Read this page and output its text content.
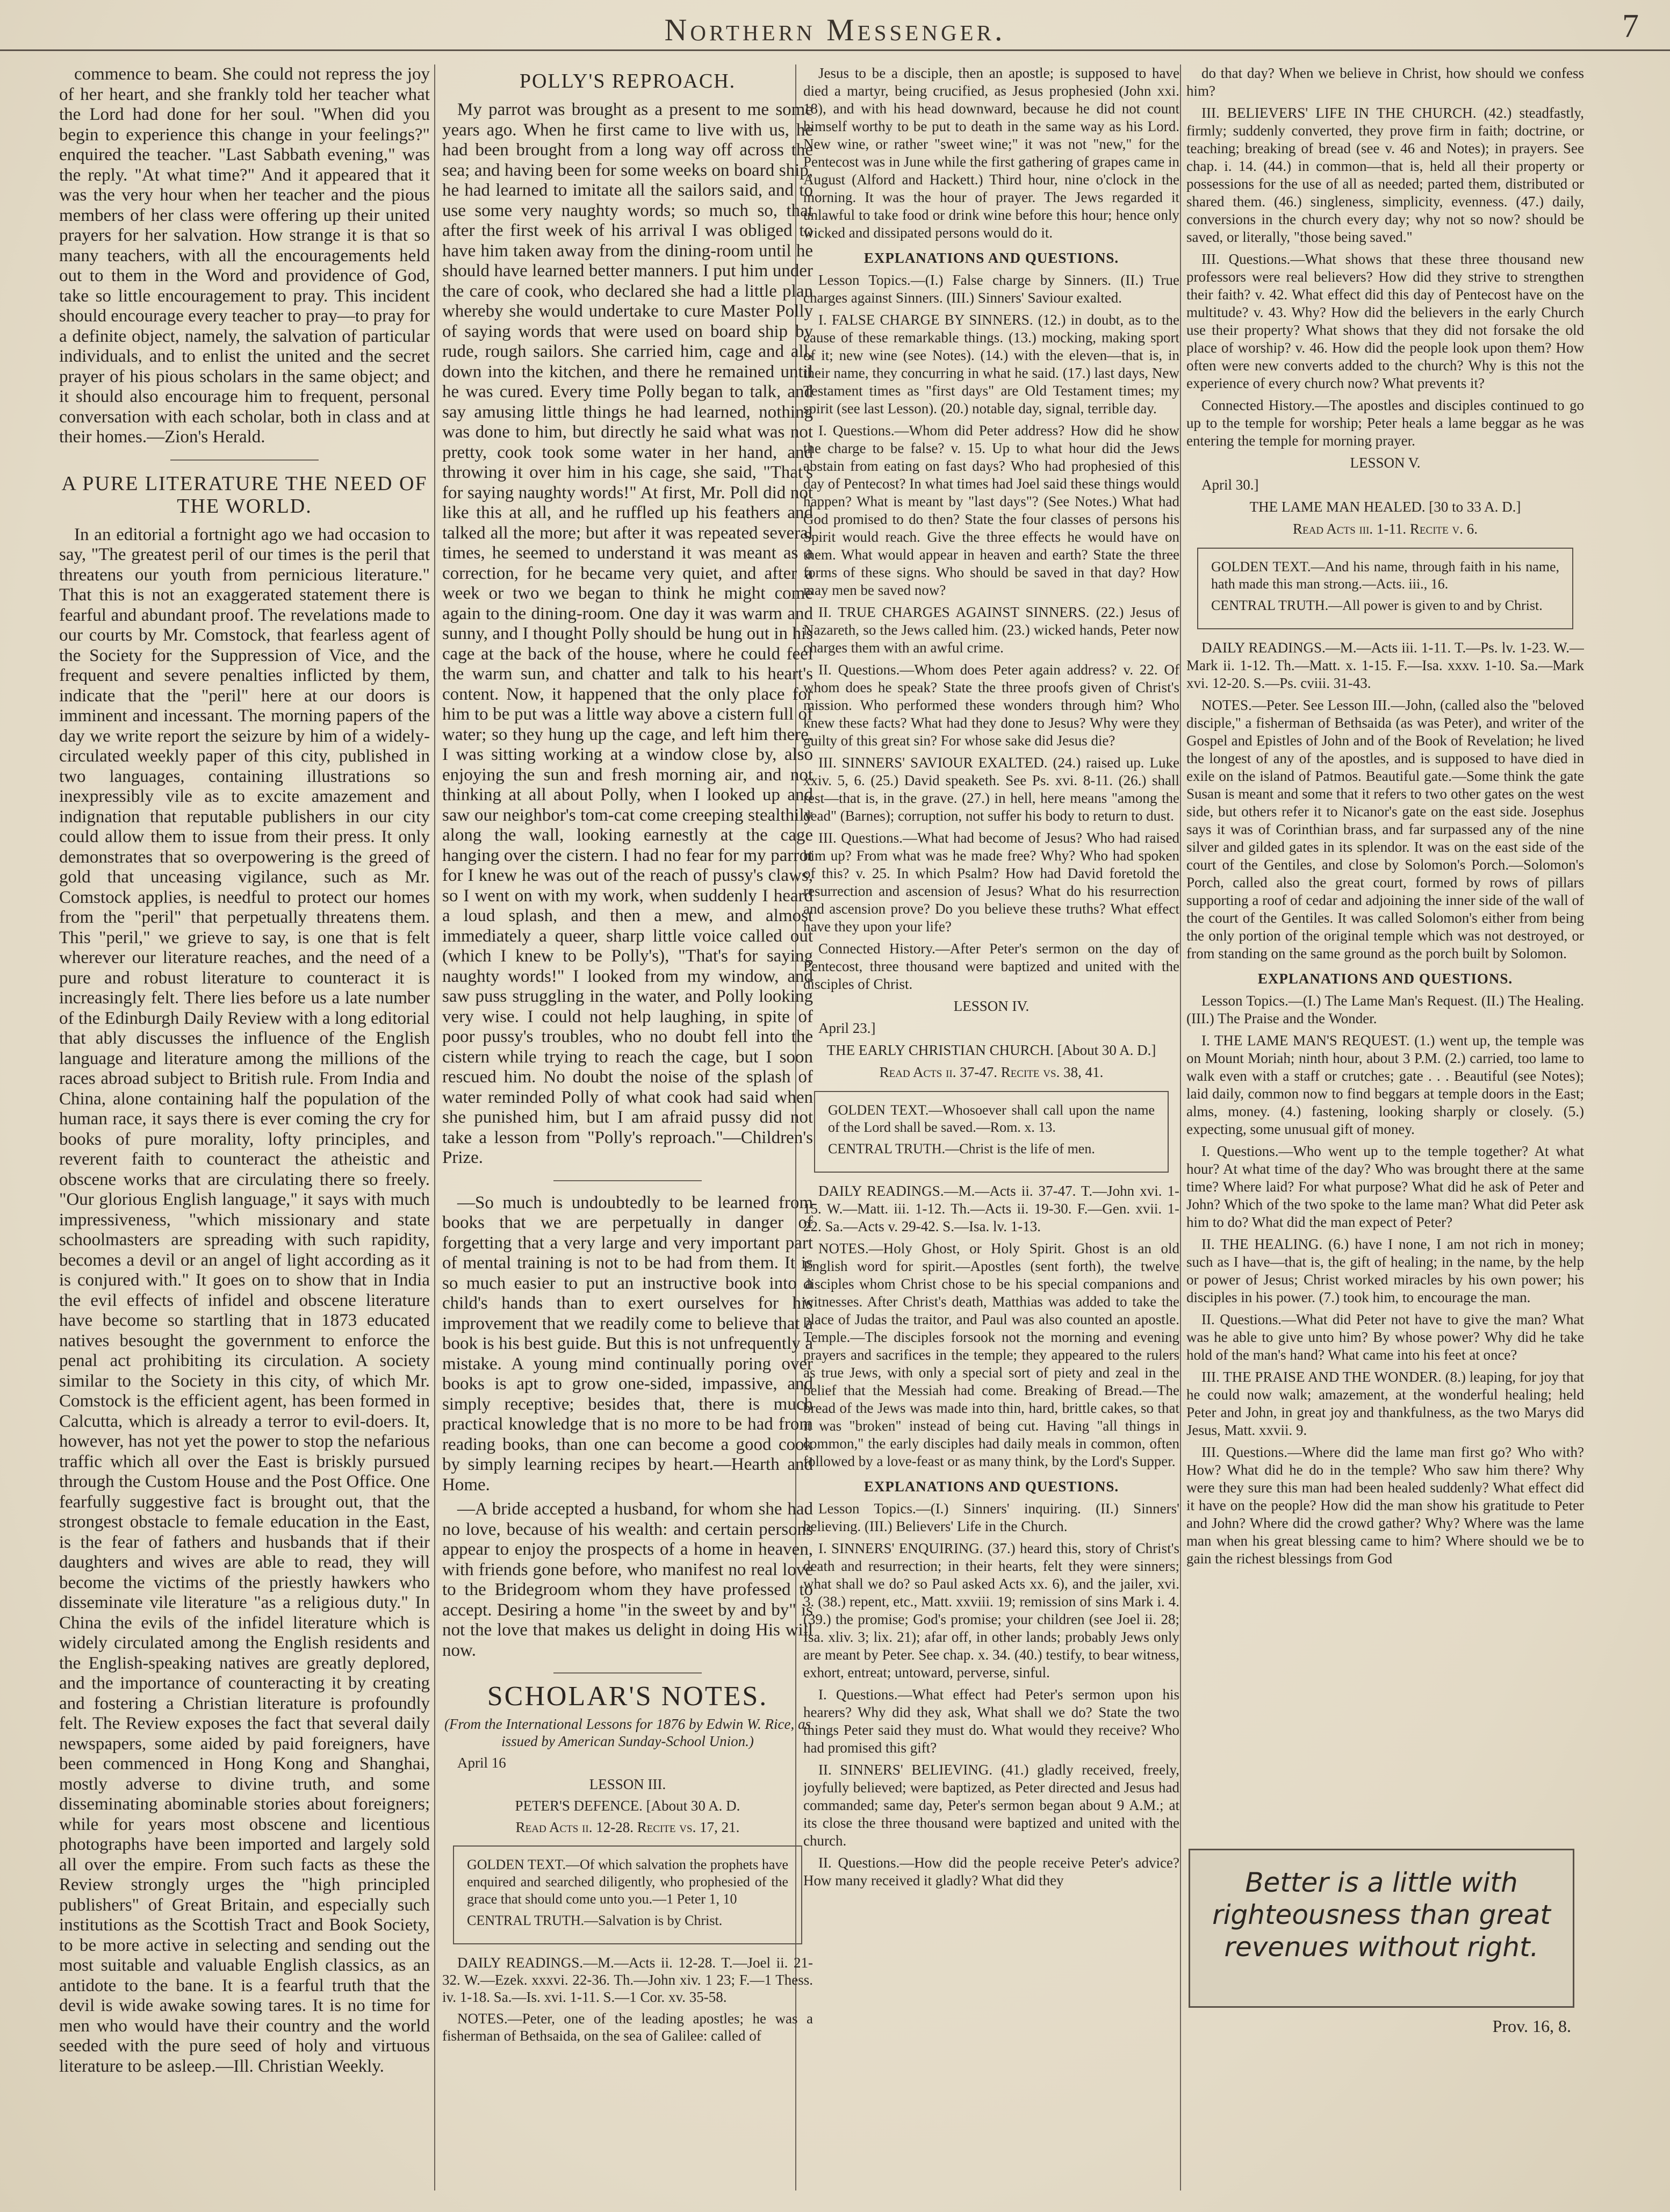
Northern Messenger.	7

commence to beam. She could not repress the joy of her heart, and she frankly told her teacher what the Lord had done for her soul. "When did you begin to experience this change in your feelings?" enquired the teacher. "Last Sabbath evening," was the reply. "At what time?" And it appeared that it was the very hour when her teacher and the pious members of her class were offering up their united prayers for her salvation. How strange it is that so many teachers, with all the encouragements held out to them in the Word and providence of God, take so little encouragement to pray. This incident should encourage every teacher to pray—to pray for a definite object, namely, the salvation of particular individuals, and to enlist the united and the secret prayer of his pious scholars in the same object; and it should also encourage him to frequent, personal conversation with each scholar, both in class and at their homes.—Zion's Herald.

A PURE LITERATURE THE NEED OF THE WORLD.

In an editorial a fortnight ago we had occasion to say, "The greatest peril of our times is the peril that threatens our youth from pernicious literature." That this is not an exaggerated statement there is fearful and abundant proof. The revelations made to our courts by Mr. Comstock, that fearless agent of the Society for the Suppression of Vice, and the frequent and severe penalties inflicted by them, indicate that the "peril" here at our doors is imminent and incessant. The morning papers of the day we write report the seizure by him of a widely-circulated weekly paper of this city, published in two languages, containing illustrations so inexpressibly vile as to excite amazement and indignation that reputable publishers in our city could allow them to issue from their press. It only demonstrates that so overpowering is the greed of gold that unceasing vigilance, such as Mr. Comstock applies, is needful to protect our homes from the "peril" that perpetually threatens them. This "peril," we grieve to say, is one that is felt wherever our literature reaches, and the need of a pure and robust literature to counteract it is increasingly felt. There lies before us a late number of the Edinburgh Daily Review with a long editorial that ably discusses the influence of the English language and literature among the millions of the races abroad subject to British rule. From India and China, alone containing half the population of the human race, it says there is ever coming the cry for books of pure morality, lofty principles, and reverent faith to counteract the atheistic and obscene works that are circulating there so freely. "Our glorious English language," it says with much impressiveness, "which missionary and state schoolmasters are spreading with such rapidity, becomes a devil or an angel of light according as it is conjured with." It goes on to show that in India the evil effects of infidel and obscene literature have become so startling that in 1873 educated natives besought the government to enforce the penal act prohibiting its circulation. A society similar to the Society in this city, of which Mr. Comstock is the efficient agent, has been formed in Calcutta, which is already a terror to evil-doers. It, however, has not yet the power to stop the nefarious traffic which all over the East is briskly pursued through the Custom House and the Post Office. One fearfully suggestive fact is brought out, that the strongest obstacle to female education in the East, is the fear of fathers and husbands that if their daughters and wives are able to read, they will become the victims of the priestly hawkers who disseminate vile literature "as a religious duty." In China the evils of the infidel literature which is widely circulated among the English residents and the English-speaking natives are greatly deplored, and the importance of counteracting it by creating and fostering a Christian literature is profoundly felt. The Review exposes the fact that several daily newspapers, some aided by paid foreigners, have been commenced in Hong Kong and Shanghai, mostly adverse to divine truth, and some disseminating abominable stories about foreigners; while for years most obscene and licentious photographs have been imported and largely sold all over the empire. From such facts as these the Review strongly urges the "high principled publishers" of Great Britain, and especially such institutions as the Scottish Tract and Book Society, to be more active in selecting and sending out the most suitable and valuable English classics, as an antidote to the bane. It is a fearful truth that the devil is wide awake sowing tares. It is no time for men who would have their country and the world seeded with the pure seed of holy and virtuous literature to be asleep.—Ill. Christian Weekly.

POLLY'S REPROACH.

My parrot was brought as a present to me some years ago. When he first came to live with us, he had been brought from a long way off across the sea; and having been for some weeks on board ship, he had learned to imitate all the sailors said, and to use some very naughty words; so much so, that after the first week of his arrival I was obliged to have him taken away from the dining-room until he should have learned better manners. I put him under the care of cook, who declared she had a little plan whereby she would undertake to cure Master Polly of saying words that were used on board ship by rude, rough sailors. She carried him, cage and all, down into the kitchen, and there he remained until he was cured. Every time Polly began to talk, and say amusing little things he had learned, nothing was done to him, but directly he said what was not pretty, cook took some water in her hand, and throwing it over him in his cage, she said, "That's for saying naughty words!" At first, Mr. Poll did not like this at all, and he ruffled up his feathers and talked all the more; but after it was repeated several times, he seemed to understand it was meant as a correction, for he became very quiet, and after a week or two we began to think he might come again to the dining-room. One day it was warm and sunny, and I thought Polly should be hung out in his cage at the back of the house, where he could feel the warm sun, and chatter and talk to his heart's content. Now, it happened that the only place for him to be put was a little way above a cistern full of water; so they hung up the cage, and left him there. I was sitting working at a window close by, also enjoying the sun and fresh morning air, and not thinking at all about Polly, when I looked up and saw our neighbor's tom-cat come creeping stealthily along the wall, looking earnestly at the cage hanging over the cistern. I had no fear for my parrot for I knew he was out of the reach of pussy's claws, so I went on with my work, when suddenly I heard a loud splash, and then a mew, and almost immediately a queer, sharp little voice called out (which I knew to be Polly's), "That's for saying naughty words!" I looked from my window, and saw puss struggling in the water, and Polly looking very wise. I could not help laughing, in spite of poor pussy's troubles, who no doubt fell into the cistern while trying to reach the cage, but I soon rescued him. No doubt the noise of the splash of water reminded Polly of what cook had said when she punished him, but I am afraid pussy did not take a lesson from "Polly's reproach."—Children's Prize.

—So much is undoubtedly to be learned from books that we are perpetually in danger of forgetting that a very large and very important part of mental training is not to be had from them. It is so much easier to put an instructive book into a child's hands than to exert ourselves for his improvement that we readily come to believe that a book is his best guide. But this is not unfrequently a mistake. A young mind continually poring over books is apt to grow one-sided, impassive, and simply receptive; besides that, there is much practical knowledge that is no more to be had from reading books, than one can become a good cook by simply learning recipes by heart.—Hearth and Home.

—A bride accepted a husband, for whom she had no love, because of his wealth: and certain persons appear to enjoy the prospects of a home in heaven, with friends gone before, who manifest no real love to the Bridegroom whom they have professed to accept. Desiring a home "in the sweet by and by" is not the love that makes us delight in doing His will now.

SCHOLAR'S NOTES.

(From the International Lessons for 1876 by Edwin W. Rice, as issued by American Sunday-School Union.)

April 16

LESSON III.

PETER'S DEFENCE. [About 30 A. D.

Read Acts ii. 12-28. Recite vs. 17, 21.

GOLDEN TEXT.—Of which salvation the prophets have enquired and searched diligently, who prophesied of the grace that should come unto you.—1 Peter 1, 10

CENTRAL TRUTH.—Salvation is by Christ.

DAILY READINGS.—M.—Acts ii. 12-28. T.—Joel ii. 21-32. W.—Ezek. xxxvi. 22-36. Th.—John xiv. 1 23; F.—1 Thess. iv. 1-18. Sa.—Is. xvi. 1-11. S.—1 Cor. xv. 35-58.

NOTES.—Peter, one of the leading apostles; he was a fisherman of Bethsaida, on the sea of Galilee: called of

Jesus to be a disciple, then an apostle; is supposed to have died a martyr, being crucified, as Jesus prophesied (John xxi. 18), and with his head downward, because he did not count himself worthy to be put to death in the same way as his Lord. New wine, or rather "sweet wine;" it was not "new," for the Pentecost was in June while the first gathering of grapes came in August (Alford and Hackett.) Third hour, nine o'clock in the morning. It was the hour of prayer. The Jews regarded it unlawful to take food or drink wine before this hour; hence only wicked and dissipated persons would do it.

EXPLANATIONS AND QUESTIONS.

Lesson Topics.—(I.) False charge by Sinners. (II.) True charges against Sinners. (III.) Sinners' Saviour exalted.

I. FALSE CHARGE BY SINNERS. (12.) in doubt, as to the cause of these remarkable things. (13.) mocking, making sport of it; new wine (see Notes). (14.) with the eleven—that is, in their name, they concurring in what he said. (17.) last days, New Testament times as "first days" are Old Testament times; my spirit (see last Lesson). (20.) notable day, signal, terrible day.

I. Questions.—Whom did Peter address? How did he show the charge to be false? v. 15. Up to what hour did the Jews abstain from eating on fast days? Who had prophesied of this day of Pentecost? In what times had Joel said these things would happen? What is meant by "last days"? (See Notes.) What had God promised to do then? State the four classes of persons his Spirit would reach. Give the three effects he would have on them. What would appear in heaven and earth? State the three forms of these signs. Who should be saved in that day? How may men be saved now?

II. TRUE CHARGES AGAINST SINNERS. (22.) Jesus of Nazareth, so the Jews called him. (23.) wicked hands, Peter now charges them with an awful crime.

II. Questions.—Whom does Peter again address? v. 22. Of whom does he speak? State the three proofs given of Christ's mission. Who performed these wonders through him? Who knew these facts? What had they done to Jesus? Why were they guilty of this great sin? For whose sake did Jesus die?

III. SINNERS' SAVIOUR EXALTED. (24.) raised up. Luke xxiv. 5, 6. (25.) David speaketh. See Ps. xvi. 8-11. (26.) shall rest—that is, in the grave. (27.) in hell, here means "among the dead" (Barnes); corruption, not suffer his body to return to dust.

III. Questions.—What had become of Jesus? Who had raised him up? From what was he made free? Why? Who had spoken of this? v. 25. In which Psalm? How had David foretold the resurrection and ascension of Jesus? What do his resurrection and ascension prove? Do you believe these truths? What effect have they upon your life?

Connected History.—After Peter's sermon on the day of Pentecost, three thousand were baptized and united with the disciples of Christ.

LESSON IV.

April 23.]

THE EARLY CHRISTIAN CHURCH. [About 30 A. D.]

Read Acts ii. 37-47. Recite vs. 38, 41.

GOLDEN TEXT.—Whosoever shall call upon the name of the Lord shall be saved.—Rom. x. 13.

CENTRAL TRUTH.—Christ is the life of men.

DAILY READINGS.—M.—Acts ii. 37-47. T.—John xvi. 1-15. W.—Matt. iii. 1-12. Th.—Acts ii. 19-30. F.—Gen. xvii. 1-22. Sa.—Acts v. 29-42. S.—Isa. lv. 1-13.

NOTES.—Holy Ghost, or Holy Spirit. Ghost is an old English word for spirit.—Apostles (sent forth), the twelve disciples whom Christ chose to be his special companions and witnesses. After Christ's death, Matthias was added to take the place of Judas the traitor, and Paul was also counted an apostle. Temple.—The disciples forsook not the morning and evening prayers and sacrifices in the temple; they appeared to the rulers as true Jews, with only a special sort of piety and zeal in the belief that the Messiah had come. Breaking of Bread.—The bread of the Jews was made into thin, hard, brittle cakes, so that it was "broken" instead of being cut. Having "all things in common," the early disciples had daily meals in common, often followed by a love-feast or as many think, by the Lord's Supper.

EXPLANATIONS AND QUESTIONS.

Lesson Topics.—(I.) Sinners' inquiring. (II.) Sinners' believing. (III.) Believers' Life in the Church.

I. SINNERS' ENQUIRING. (37.) heard this, story of Christ's death and resurrection; in their hearts, felt they were sinners; what shall we do? so Paul asked Acts xx. 6), and the jailer, xvi. 3. (38.) repent, etc., Matt. xxviii. 19; remission of sins Mark i. 4. (39.) the promise; God's promise; your children (see Joel ii. 28; Isa. xliv. 3; lix. 21); afar off, in other lands; probably Jews only are meant by Peter. See chap. x. 34. (40.) testify, to bear witness, exhort, entreat; untoward, perverse, sinful.

I. Questions.—What effect had Peter's sermon upon his hearers? Why did they ask, What shall we do? State the two things Peter said they must do. What would they receive? Who had promised this gift?

II. SINNERS' BELIEVING. (41.) gladly received, freely, joyfully believed; were baptized, as Peter directed and Jesus had commanded; same day, Peter's sermon began about 9 A.M.; at its close the three thousand were baptized and united with the church.

II. Questions.—How did the people receive Peter's advice? How many received it gladly? What did they

do that day? When we believe in Christ, how should we confess him?

III. BELIEVERS' LIFE IN THE CHURCH. (42.) steadfastly, firmly; suddenly converted, they prove firm in faith; doctrine, or teaching; breaking of bread (see v. 46 and Notes); in prayers. See chap. i. 14. (44.) in common—that is, held all their property or possessions for the use of all as needed; parted them, distributed or shared them. (46.) singleness, simplicity, evenness. (47.) daily, conversions in the church every day; why not so now? should be saved, or literally, "those being saved."

III. Questions.—What shows that these three thousand new professors were real believers? How did they strive to strengthen their faith? v. 42. What effect did this day of Pentecost have on the multitude? v. 43. Why? How did the believers in the early Church use their property? What shows that they did not forsake the old place of worship? v. 46. How did the people look upon them? How often were new converts added to the church? Why is this not the experience of every church now? What prevents it?

Connected History.—The apostles and disciples continued to go up to the temple for worship; Peter heals a lame beggar as he was entering the temple for morning prayer.

LESSON V.

April 30.]

THE LAME MAN HEALED. [30 to 33 A. D.]

Read Acts iii. 1-11. Recite v. 6.

GOLDEN TEXT.—And his name, through faith in his name, hath made this man strong.—Acts. iii., 16.

CENTRAL TRUTH.—All power is given to and by Christ.

DAILY READINGS.—M.—Acts iii. 1-11. T.—Ps. lv. 1-23. W.—Mark ii. 1-12. Th.—Matt. x. 1-15. F.—Isa. xxxv. 1-10. Sa.—Mark xvi. 12-20. S.—Ps. cviii. 31-43.

NOTES.—Peter. See Lesson III.—John, (called also the "beloved disciple," a fisherman of Bethsaida (as was Peter), and writer of the Gospel and Epistles of John and of the Book of Revelation; he lived the longest of any of the apostles, and is supposed to have died in exile on the island of Patmos. Beautiful gate.—Some think the gate Susan is meant and some that it refers to two other gates on the west side, but others refer it to Nicanor's gate on the east side. Josephus says it was of Corinthian brass, and far surpassed any of the nine silver and gilded gates in its splendor. It was on the east side of the court of the Gentiles, and close by Solomon's Porch.—Solomon's Porch, called also the great court, formed by rows of pillars supporting a roof of cedar and adjoining the inner side of the wall of the court of the Gentiles. It was called Solomon's either from being the only portion of the original temple which was not destroyed, or from standing on the same ground as the porch built by Solomon.

EXPLANATIONS AND QUESTIONS.

Lesson Topics.—(I.) The Lame Man's Request. (II.) The Healing. (III.) The Praise and the Wonder.

I. THE LAME MAN'S REQUEST. (1.) went up, the temple was on Mount Moriah; ninth hour, about 3 P.M. (2.) carried, too lame to walk even with a staff or crutches; gate . . . Beautiful (see Notes); laid daily, common now to find beggars at temple doors in the East; alms, money. (4.) fastening, looking sharply or closely. (5.) expecting, some unusual gift of money.

I. Questions.—Who went up to the temple together? At what hour? At what time of the day? Who was brought there at the same time? Where laid? For what purpose? What did he ask of Peter and John? Which of the two spoke to the lame man? What did Peter ask him to do? What did the man expect of Peter?

II. THE HEALING. (6.) have I none, I am not rich in money; such as I have—that is, the gift of healing; in the name, by the help or power of Jesus; Christ worked miracles by his own power; his disciples in his power. (7.) took him, to encourage the man.

II. Questions.—What did Peter not have to give the man? What was he able to give unto him? By whose power? Why did he take hold of the man's hand? What came into his feet at once?

III. THE PRAISE AND THE WONDER. (8.) leaping, for joy that he could now walk; amazement, at the wonderful healing; held Peter and John, in great joy and thankfulness, as the two Marys did Jesus, Matt. xxvii. 9.

III. Questions.—Where did the lame man first go? Who with? How? What did he do in the temple? Who saw him there? Why were they sure this man had been healed suddenly? What effect did it have on the people? How did the man show his gratitude to Peter and John? Where did the crowd gather? Why? Where was the lame man when his great blessing came to him? Where should we be to gain the richest blessings from God

Better is a little with righteousness than great revenues without right.
Prov. 16, 8.
